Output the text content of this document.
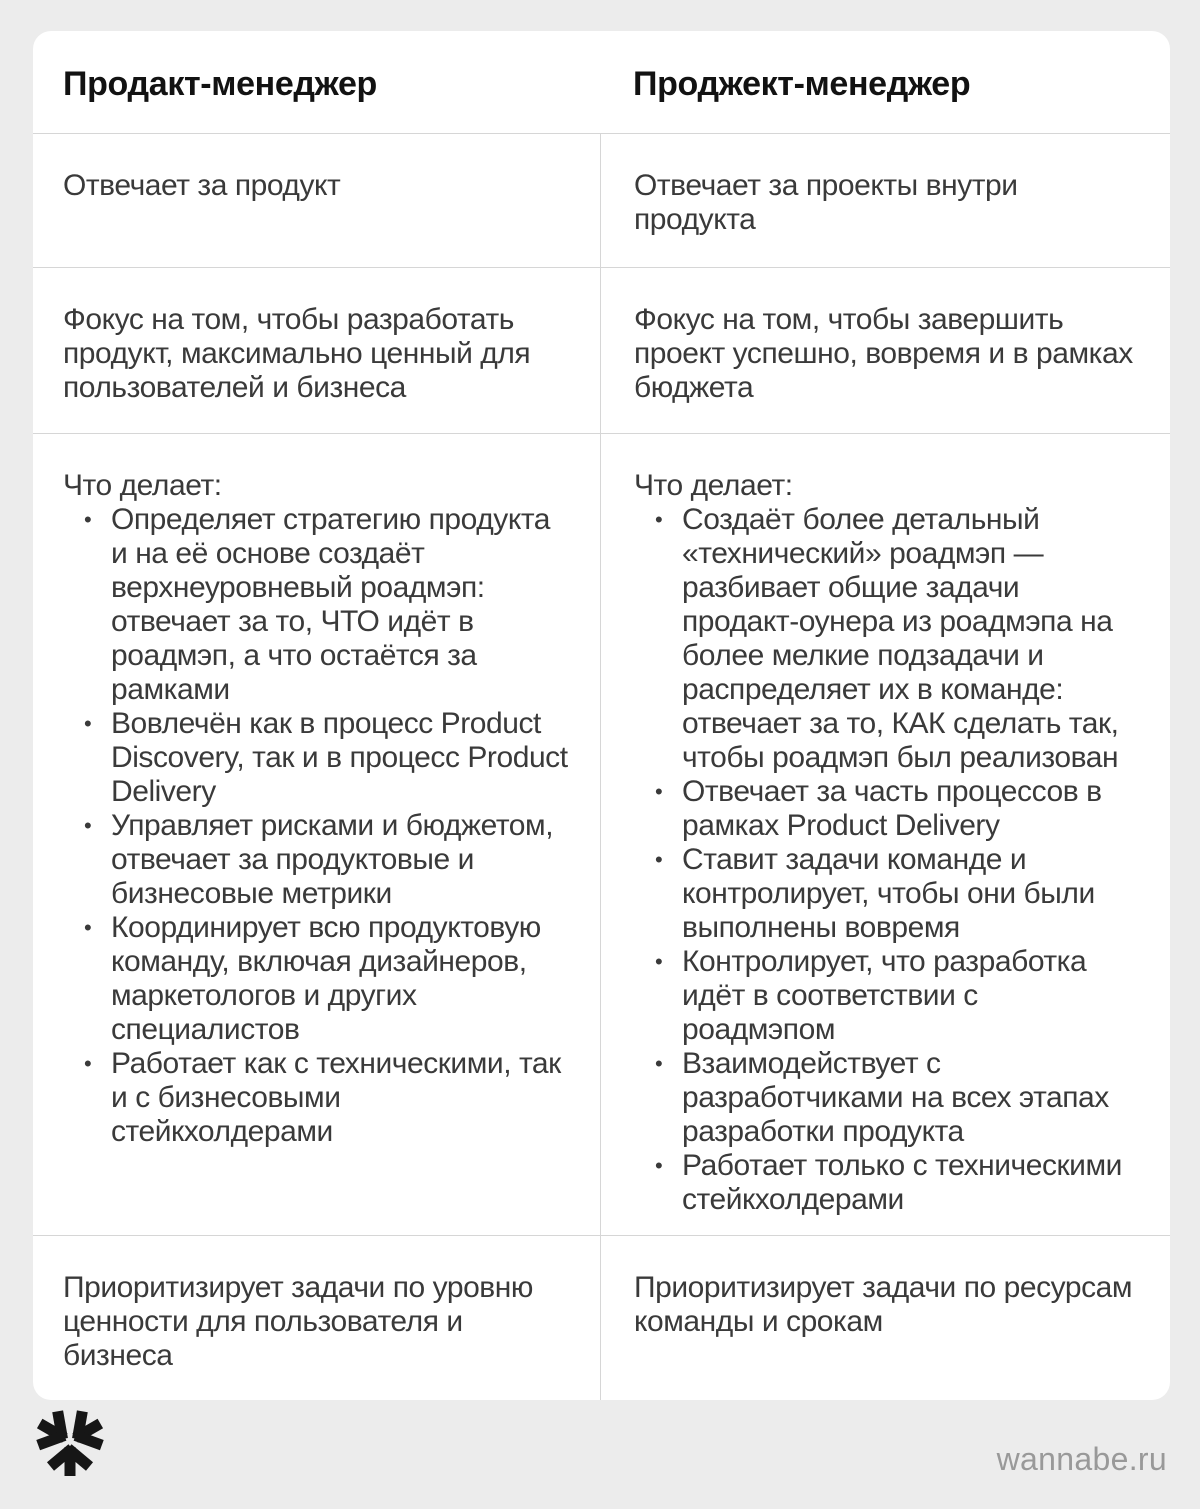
Продакт-менеджер	Проджект-менеджер
Отвечает за продукт	Отвечает за проекты внутри продукта
Фокус на том, чтобы разработать продукт, максимально ценный для пользователей и бизнеса
Фокус на том, чтобы завершить проект успешно, вовремя и в рамках бюджета
Что делает:
• Определяет стратегию продукта и на её основе создаёт верхнеуровневый роадмэп: отвечает за то, ЧТО идёт в роадмэп, а что остаётся за рамками
• Вовлечён как в процесс Product Discovery, так и в процесс Product Delivery
• Управляет рисками и бюджетом, отвечает за продуктовые и бизнесовые метрики
• Координирует всю продуктовую команду, включая дизайнеров, маркетологов и других специалистов
• Работает как с техническими, так и с бизнесовыми стейкхолдерами
Что делает:
• Создаёт более детальный «технический» роадмэп — разбивает общие задачи продакт-оунера из роадмэпа на более мелкие подзадачи и распределяет их в команде: отвечает за то, КАК сделать так, чтобы роадмэп был реализован
• Отвечает за часть процессов в рамках Product Delivery
• Ставит задачи команде и контролирует, чтобы они были выполнены вовремя
• Контролирует, что разработка идёт в соответствии с роадмэпом
• Взаимодействует с разработчиками на всех этапах разработки продукта
• Работает только с техническими стейкхолдерами
Приоритизирует задачи по уровню ценности для пользователя и бизнеса
Приоритизирует задачи по ресурсам команды и срокам
wannabe.ru
